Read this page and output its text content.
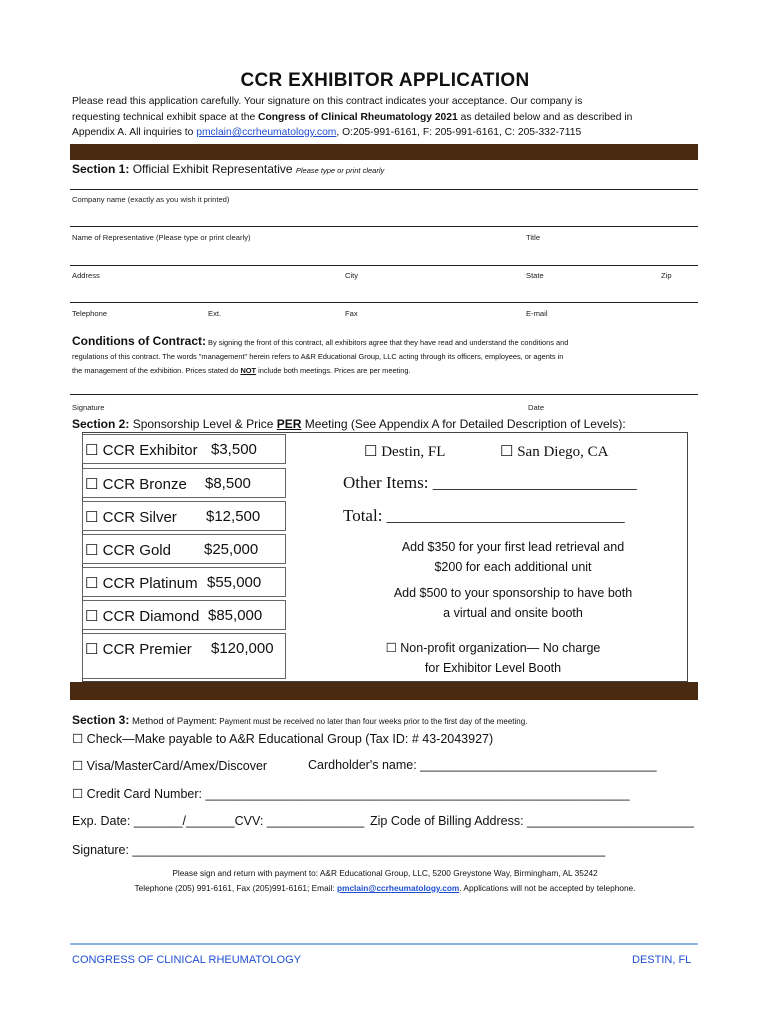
CCR EXHIBITOR APPLICATION
Please read this application carefully. Your signature on this contract indicates your acceptance. Our company is
requesting technical exhibit space at the Congress of Clinical Rheumatology 2021 as detailed below and as described in
Appendix A. All inquiries to pmclain@ccrheumatology.com, O:205-991-6161, F: 205-991-6161, C: 205-332-7115
Section 1: Official Exhibit Representative Please type or print clearly
Company name (exactly as you wish it printed)
Name of Representative (Please type or print clearly)	Title
Address	City	State	Zip
Telephone	Ext.	Fax	E-mail
Conditions of Contract: By signing the front of this contract, all exhibitors agree that they have read and understand the conditions and
regulations of this contract. The words "management" herein refers to A&R Educational Group, LLC acting through its officers, employees, or agents in
the management of the exhibition. Prices stated do NOT include both meetings. Prices are per meeting.
Signature	Date
Section 2: Sponsorship Level & Price PER Meeting (See Appendix A for Detailed Description of Levels):
☐ CCR Exhibitor $3,500
☐ CCR Bronze $8,500
☐ CCR Silver $12,500
☐ CCR Gold $25,000
☐ CCR Platinum $55,000
☐ CCR Diamond $85,000
☐ CCR Premier $120,000
☐ Destin, FL	☐ San Diego, CA
Other Items: ________________________
Total: ____________________________
Add $350 for your first lead retrieval and
$200 for each additional unit
Add $500 to your sponsorship to have both
a virtual and onsite booth
☐ Non-profit organization— No charge
for Exhibitor Level Booth
Section 3: Method of Payment: Payment must be received no later than four weeks prior to the first day of the meeting.
☐ Check—Make payable to A&R Educational Group (Tax ID: # 43-2043927)
☐ Visa/MasterCard/Amex/Discover	Cardholder's name: __________________________________
☐ Credit Card Number: _____________________________________________________________
Exp. Date: _______/_______CVV: ______________ Zip Code of Billing Address: ________________________
Signature: ____________________________________________________________________
Please sign and return with payment to: A&R Educational Group, LLC, 5200 Greystone Way, Birmingham, AL 35242
Telephone (205) 991-6161, Fax (205)991-6161; Email: pmclain@ccrheumatology.com. Applications will not be accepted by telephone.
CONGRESS OF CLINICAL RHEUMATOLOGY	DESTIN, FL
